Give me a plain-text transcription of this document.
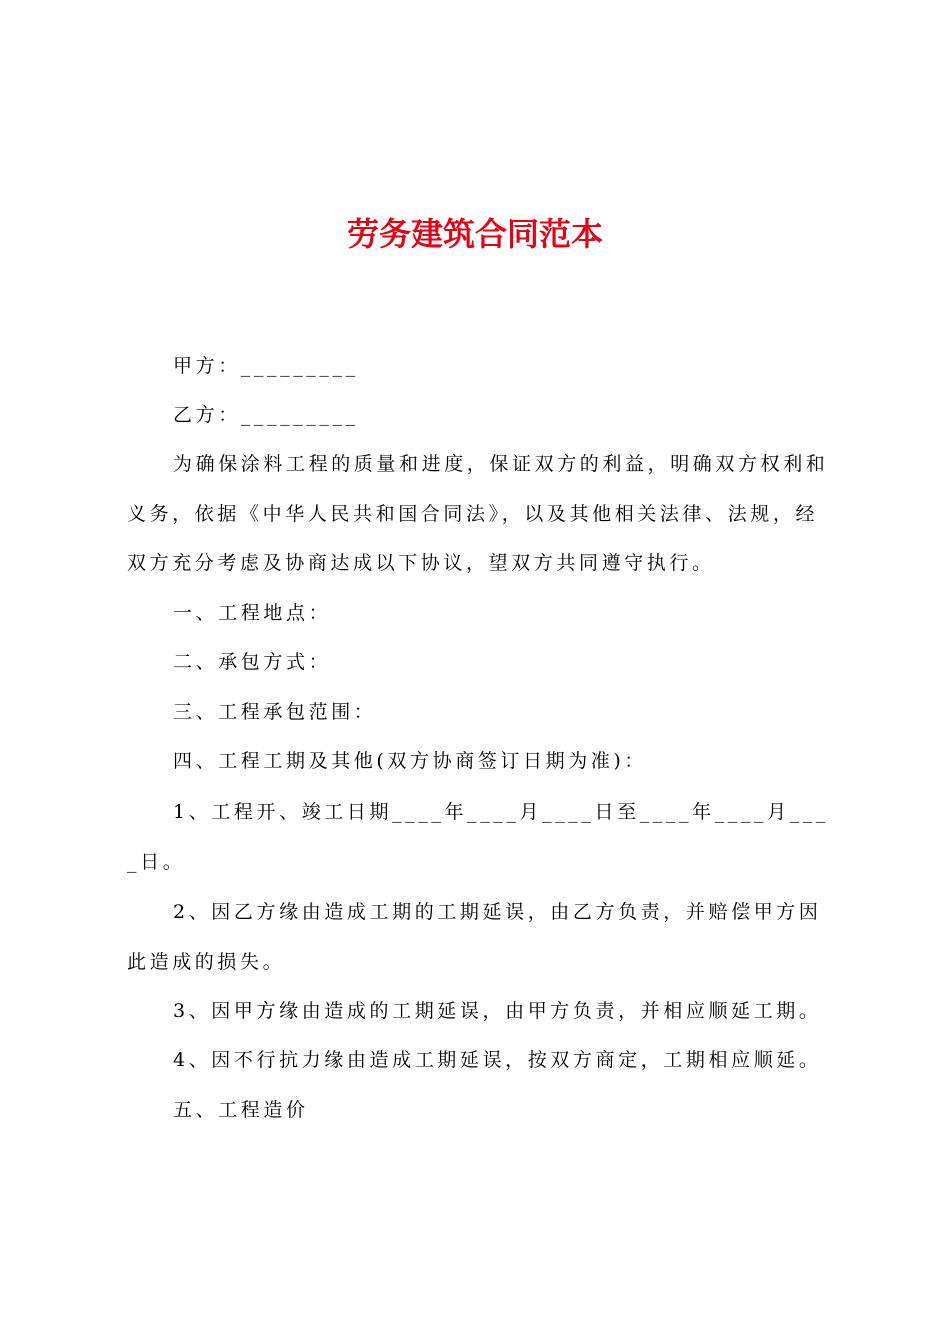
劳务建筑合同范本
甲方：_________
乙方：_________
为确保涂料工程的质量和进度，保证双方的利益，明确双方权利和义务，依据《中华人民共和国合同法》，以及其他相关法律、法规，经双方充分考虑及协商达成以下协议，望双方共同遵守执行。
一、工程地点：
二、承包方式：
三、工程承包范围：
四、工程工期及其他(双方协商签订日期为准)：
1、工程开、竣工日期____年____月____日至____年____月____日。
2、因乙方缘由造成工期的工期延误，由乙方负责，并赔偿甲方因此造成的损失。
3、因甲方缘由造成的工期延误，由甲方负责，并相应顺延工期。
4、因不行抗力缘由造成工期延误，按双方商定，工期相应顺延。
五、工程造价
